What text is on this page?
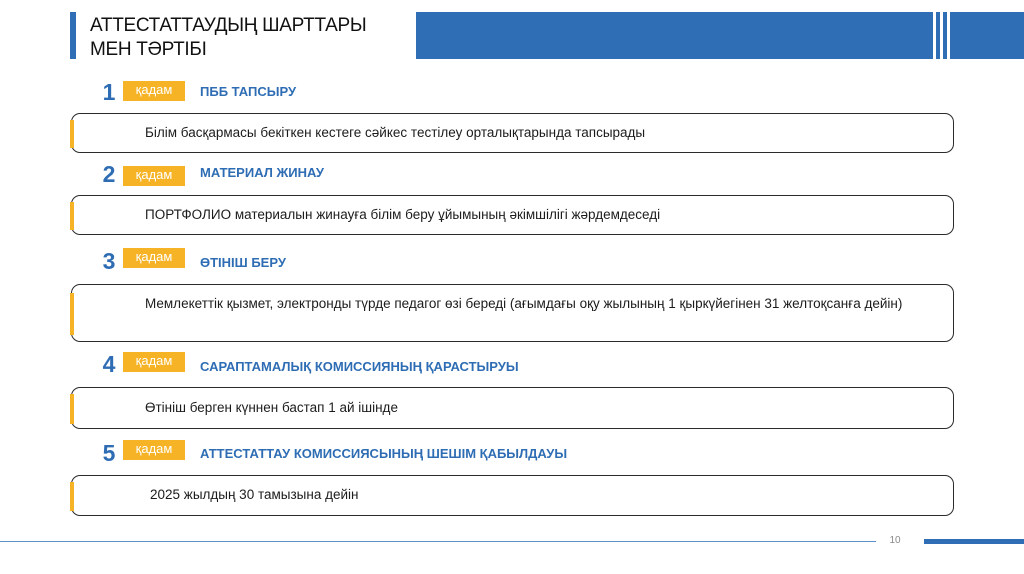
АТТЕСТАТТАУДЫҢ ШАРТТАРЫ МЕН ТӘРТІБІ
1	қадам	ПББ ТАПСЫРУ
Білім басқармасы бекіткен кестеге сәйкес тестілеу орталықтарында тапсырады
2	қадам	МАТЕРИАЛ ЖИНАУ
ПОРТФОЛИО материалын жинауға білім беру ұйымының әкімшілігі жәрдемдеседі
3	қадам	ӨТІНІШ БЕРУ
Мемлекеттік қызмет, электронды түрде педагог өзі береді (ағымдағы оқу жылының 1 қыркүйегінен 31 желтоқсанға дейін)
4	қадам	САРАПТАМАЛЫҚ КОМИССИЯНЫҢ ҚАРАСТЫРУЫ
Өтініш берген күннен бастап 1 ай ішінде
5	қадам	АТТЕСТАТТАУ КОМИССИЯСЫНЫҢ ШЕШІМ ҚАБЫЛДАУЫ
2025 жылдың 30 тамызына дейін
10
